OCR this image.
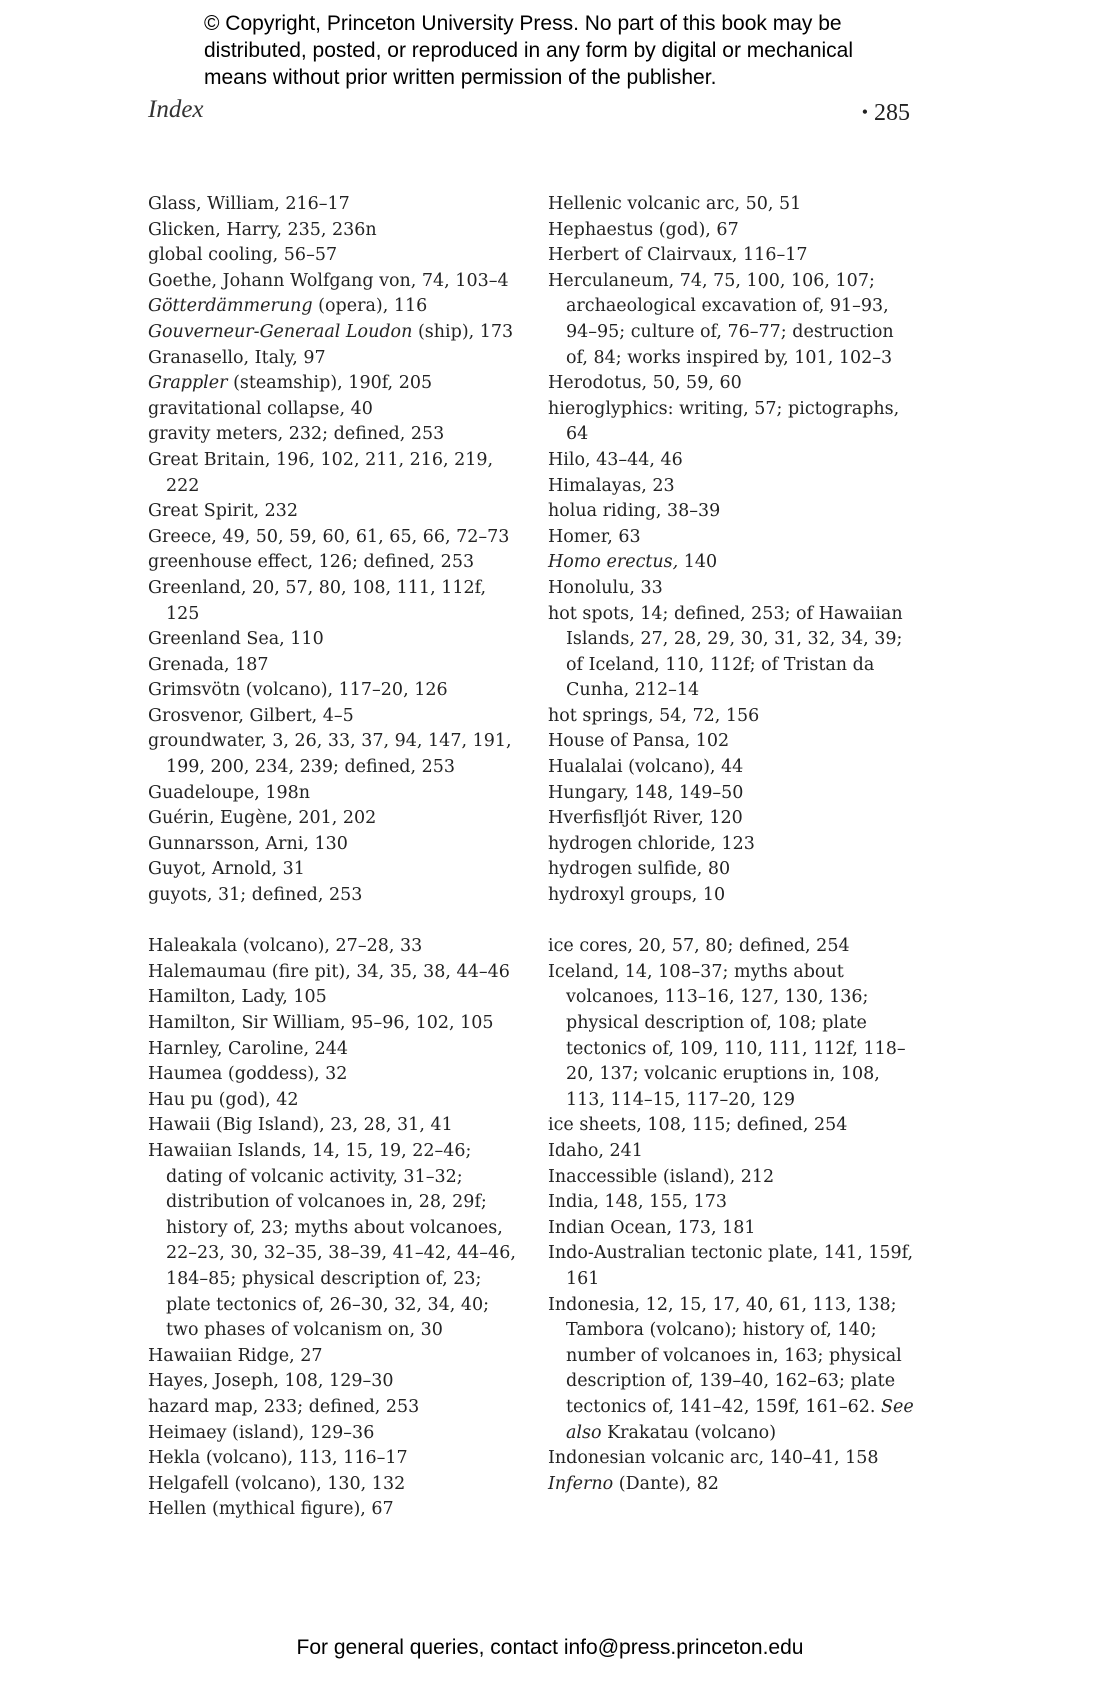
© Copyright, Princeton University Press. No part of this book may be
distributed, posted, or reproduced in any form by digital or mechanical
means without prior written permission of the publisher.
Index	• 285
Glass, William, 216–17
Glicken, Harry, 235, 236n
global cooling, 56–57
Goethe, Johann Wolfgang von, 74, 103–4
Götterdämmerung (opera), 116
Gouverneur-Generaal Loudon (ship), 173
Granasello, Italy, 97
Grappler (steamship), 190f, 205
gravitational collapse, 40
gravity meters, 232; defined, 253
Great Britain, 196, 102, 211, 216, 219, 222
Great Spirit, 232
Greece, 49, 50, 59, 60, 61, 65, 66, 72–73
greenhouse effect, 126; defined, 253
Greenland, 20, 57, 80, 108, 111, 112f, 125
Greenland Sea, 110
Grenada, 187
Grimsvötn (volcano), 117–20, 126
Grosvenor, Gilbert, 4–5
groundwater, 3, 26, 33, 37, 94, 147, 191, 199, 200, 234, 239; defined, 253
Guadeloupe, 198n
Guérin, Eugène, 201, 202
Gunnarsson, Arni, 130
Guyot, Arnold, 31
guyots, 31; defined, 253
Haleakala (volcano), 27–28, 33
Halemaumau (fire pit), 34, 35, 38, 44–46
Hamilton, Lady, 105
Hamilton, Sir William, 95–96, 102, 105
Harnley, Caroline, 244
Haumea (goddess), 32
Hau pu (god), 42
Hawaii (Big Island), 23, 28, 31, 41
Hawaiian Islands, 14, 15, 19, 22–46; dating of volcanic activity, 31–32; distribution of volcanoes in, 28, 29f; history of, 23; myths about volcanoes, 22–23, 30, 32–35, 38–39, 41–42, 44–46, 184–85; physical description of, 23; plate tectonics of, 26–30, 32, 34, 40; two phases of volcanism on, 30
Hawaiian Ridge, 27
Hayes, Joseph, 108, 129–30
hazard map, 233; defined, 253
Heimaey (island), 129–36
Hekla (volcano), 113, 116–17
Helgafell (volcano), 130, 132
Hellen (mythical figure), 67
Hellenic volcanic arc, 50, 51
Hephaestus (god), 67
Herbert of Clairvaux, 116–17
Herculaneum, 74, 75, 100, 106, 107; archaeological excavation of, 91–93, 94–95; culture of, 76–77; destruction of, 84; works inspired by, 101, 102–3
Herodotus, 50, 59, 60
hieroglyphics: writing, 57; pictographs, 64
Hilo, 43–44, 46
Himalayas, 23
holua riding, 38–39
Homer, 63
Homo erectus, 140
Honolulu, 33
hot spots, 14; defined, 253; of Hawaiian Islands, 27, 28, 29, 30, 31, 32, 34, 39; of Iceland, 110, 112f; of Tristan da Cunha, 212–14
hot springs, 54, 72, 156
House of Pansa, 102
Hualalai (volcano), 44
Hungary, 148, 149–50
Hverfisfljót River, 120
hydrogen chloride, 123
hydrogen sulfide, 80
hydroxyl groups, 10
ice cores, 20, 57, 80; defined, 254
Iceland, 14, 108–37; myths about volcanoes, 113–16, 127, 130, 136; physical description of, 108; plate tectonics of, 109, 110, 111, 112f, 118–20, 137; volcanic eruptions in, 108, 113, 114–15, 117–20, 129
ice sheets, 108, 115; defined, 254
Idaho, 241
Inaccessible (island), 212
India, 148, 155, 173
Indian Ocean, 173, 181
Indo-Australian tectonic plate, 141, 159f, 161
Indonesia, 12, 15, 17, 40, 61, 113, 138; Tambora (volcano); history of, 140; number of volcanoes in, 163; physical description of, 139–40, 162–63; plate tectonics of, 141–42, 159f, 161–62. See also Krakatau (volcano)
Indonesian volcanic arc, 140–41, 158
Inferno (Dante), 82
For general queries, contact info@press.princeton.edu
